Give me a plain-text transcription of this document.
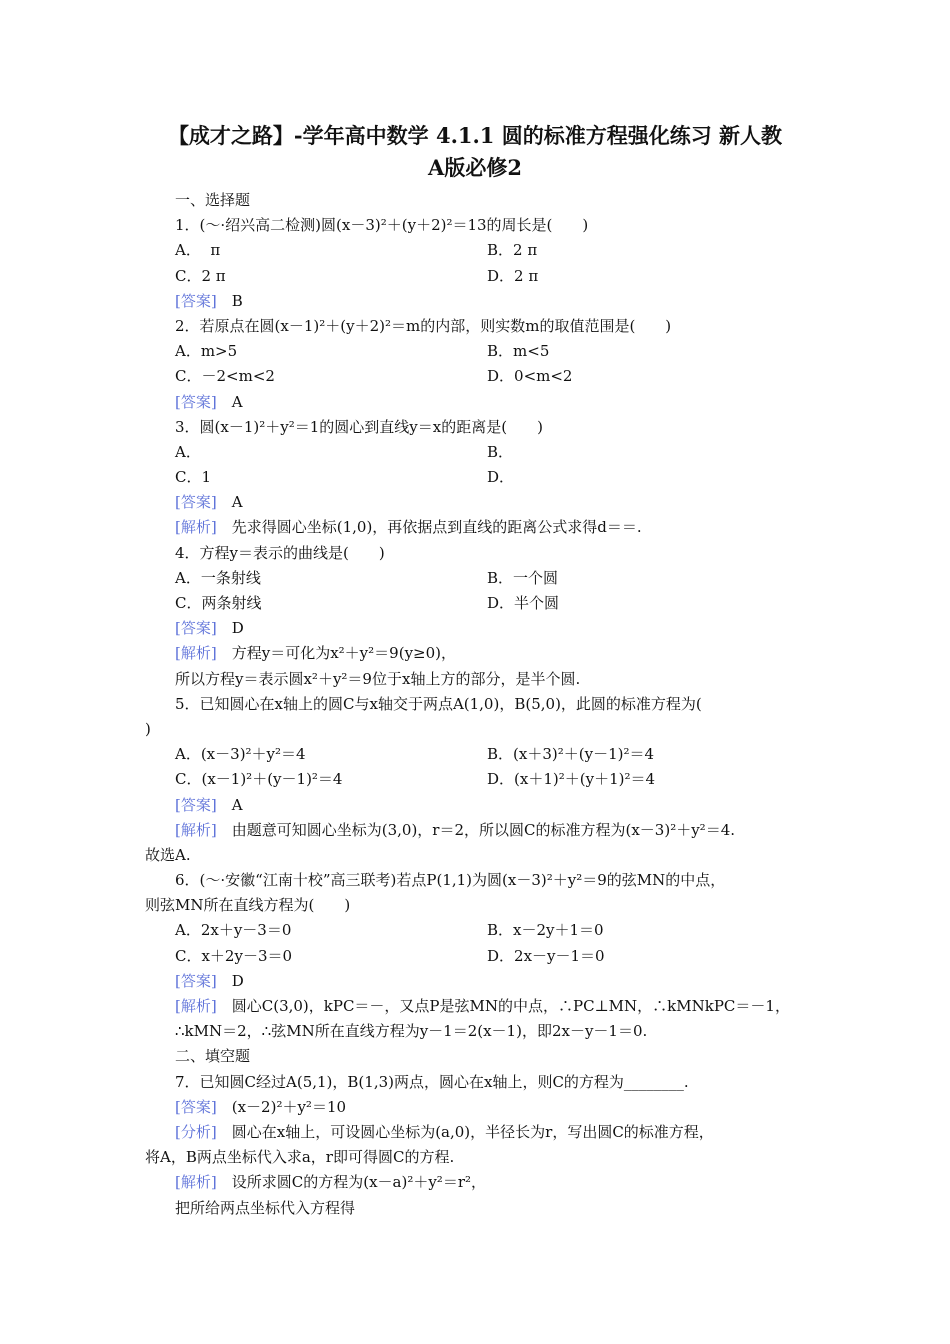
【成才之路】-学年高中数学 4.1.1 圆的标准方程强化练习 新人教
A版必修2
一、选择题
1．(～·绍兴高二检测)圆(x－3)²＋(y＋2)²＝13的周长是(　　)
A．  π	B．2 π
C．2 π	D．2 π
[答案]　 B
2．若原点在圆(x－1)²＋(y＋2)²＝m的内部，则实数m的取值范围是(　　)
A．m>5	B．m<5
C．－2<m<2	D．0<m<2
[答案]　 A
3．圆(x－1)²＋y²＝1的圆心到直线y＝x的距离是(　　)
A．	B．
C．1	D．
[答案]　 A
[解析]　 先求得圆心坐标(1,0)，再依据点到直线的距离公式求得d＝＝.
4．方程y＝表示的曲线是(　　)
A．一条射线	B．一个圆
C．两条射线	D．半个圆
[答案]　 D
[解析]　 方程y＝可化为x²＋y²＝9(y≥0)，
所以方程y＝表示圆x²＋y²＝9位于x轴上方的部分，是半个圆.
5．已知圆心在x轴上的圆C与x轴交于两点A(1,0)，B(5,0)，此圆的标准方程为(
)
A．(x－3)²＋y²＝4	B．(x＋3)²＋(y－1)²＝4
C．(x－1)²＋(y－1)²＝4	D．(x＋1)²＋(y＋1)²＝4
[答案]　 A
[解析]　 由题意可知圆心坐标为(3,0)，r＝2，所以圆C的标准方程为(x－3)²＋y²＝4.
故选A.
6．(～·安徽“江南十校”高三联考)若点P(1,1)为圆(x－3)²＋y²＝9的弦MN的中点，
则弦MN所在直线方程为(　　)
A．2x＋y－3＝0	B．x－2y＋1＝0
C．x＋2y－3＝0	D．2x－y－1＝0
[答案]　 D
[解析]　 圆心C(3,0)，kPC＝－，又点P是弦MN的中点，∴PC⊥MN，∴kMNkPC＝－1，
∴kMN＝2，∴弦MN所在直线方程为y－1＝2(x－1)，即2x－y－1＝0.
二、填空题
7．已知圆C经过A(5,1)，B(1,3)两点，圆心在x轴上，则C的方程为________.
[答案]　 (x－2)²＋y²＝10
[分析]　 圆心在x轴上，可设圆心坐标为(a,0)，半径长为r，写出圆C的标准方程，
将A，B两点坐标代入求a，r即可得圆C的方程.
[解析]　 设所求圆C的方程为(x－a)²＋y²＝r²，
把所给两点坐标代入方程得
